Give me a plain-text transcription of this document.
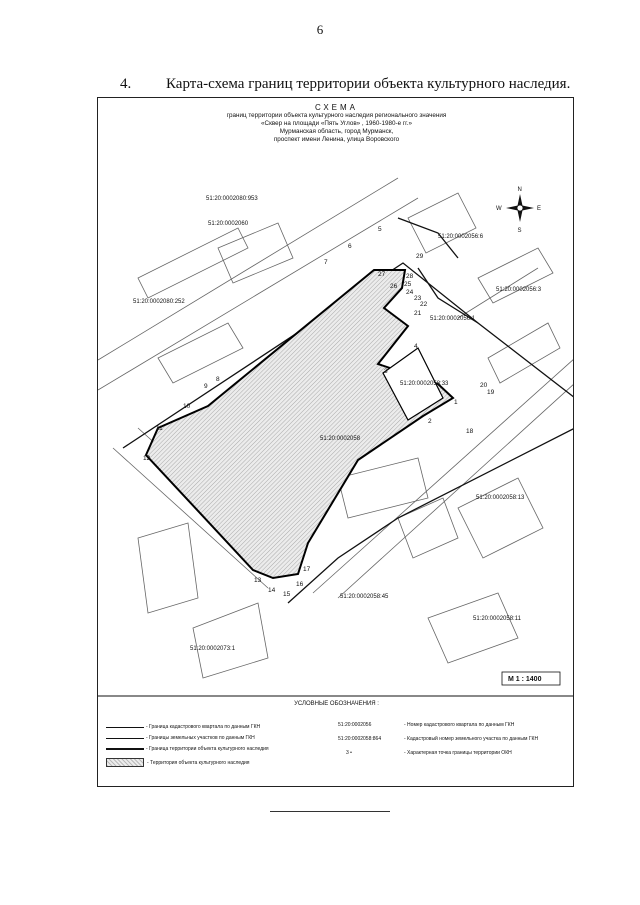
6
4. Карта-схема границ территории объекта культурного наследия.
N
S
W	E
51:20:0002080:953
51:20:0002060
51:20:0002080:252
51:20:0002056:6
51:20:0002056:3
51:20:0002056:1
51:20:0002058:33
51:20:0002058
51:20:0002058:13
51:20:0002058:45
51:20:0002058:11
51:20:0002073:1
1
2
3
4
5
6
7
8
9
10
11
12
13
14
15
16
17
18
19
20
21
22
23
24
25
26
27	28
29
М 1 : 1400
СХЕМА
границ территории объекта культурного наследия регионального значения
«Сквер на площади «Пять Углов» , 1960-1980-е гг.»
Мурманская область, город Мурманск,
проспект имени Ленина, улица Воровского
УСЛОВНЫЕ ОБОЗНАЧЕНИЯ :
- Граница кадастрового квартала по данным ГКН
- Границы земельных участков по данным ГКН
- Граница территории объекта культурного наследия
- Территория объекта культурного наследия
51:20:0002056	- Номер кадастрового квартала по данным ГКН
51:20:0002058:864	- Кадастровый номер земельного участка по данным ГКН
3 •	- Характерная точка границы территории ОКН
